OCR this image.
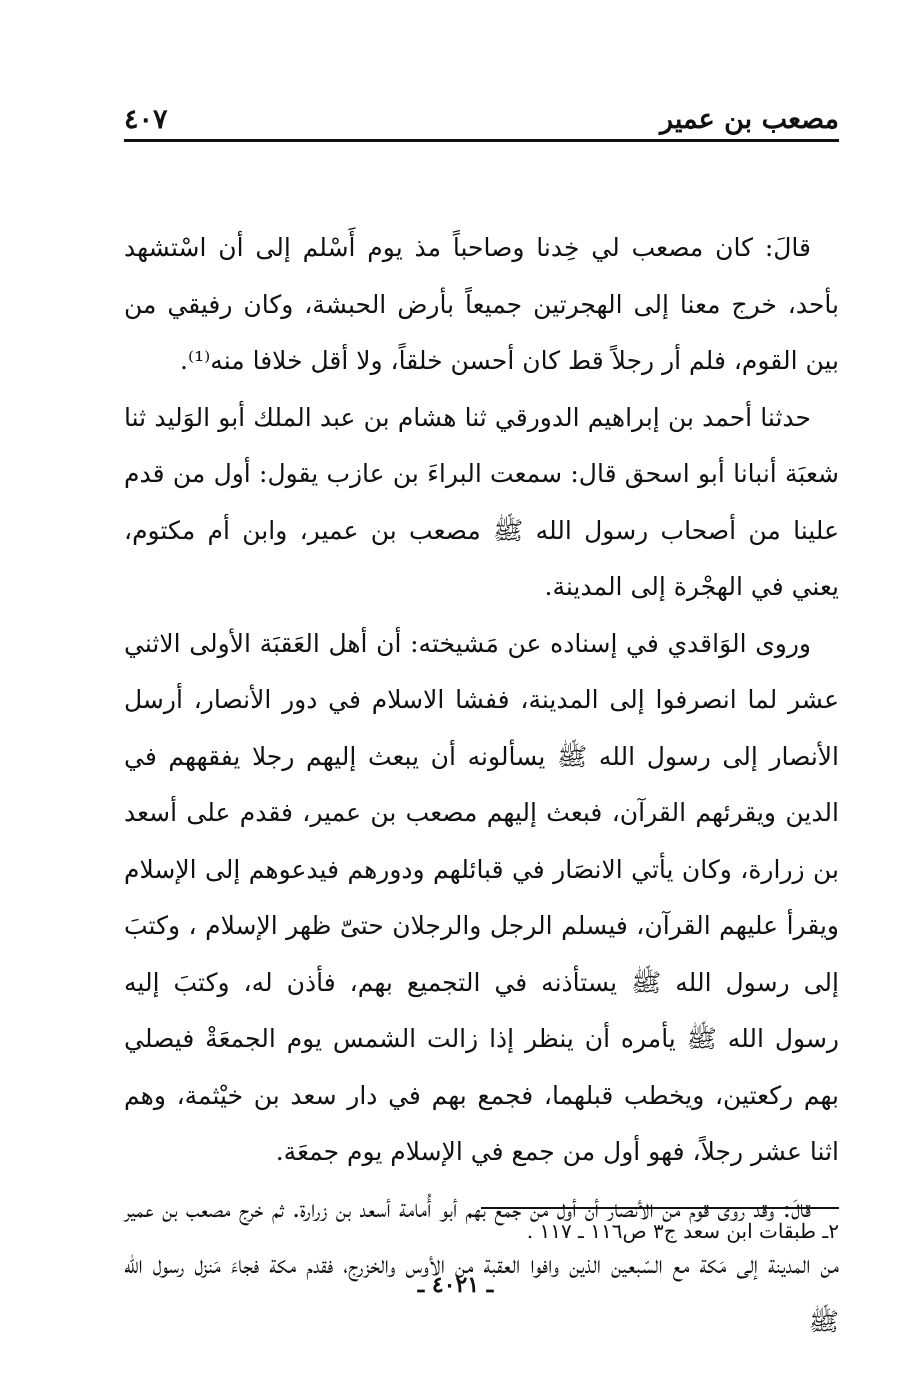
مصعب بن عمير
٤٠٧

قالَ: كان مصعب لي خِدنا وصاحباً مذ يوم أَسْلم إلى أن اسْتشهد بأحد، خرج معنا إلى الهجرتين جميعاً بأرض الحبشة، وكان رفيقي من بين القوم، فلم أر رجلاً قط كان أحسن خلقاً، ولا أقل خلافا منه⁽¹⁾.

حدثنا أحمد بن إبراهيم الدورقي ثنا هشام بن عبد الملك أبو الوَليد ثنا شعبَة أنبانا أبو اسحق قال: سمعت البراءَ بن عازب يقول: أول من قدم علينا من أصحاب رسول الله ﷺ مصعب بن عمير، وابن أم مكتوم، يعني في الهجْرة إلى المدينة.

وروى الوَاقدي في إسناده عن مَشيخته: أن أهل العَقبَة الأولى الاثني عشر لما انصرفوا إلى المدينة، ففشا الاسلام في دور الأنصار، أرسل الأنصار إلى رسول الله ﷺ يسألونه أن يبعث إليهم رجلا يفقههم في الدين ويقرئهم القرآن، فبعث إليهم مصعب بن عمير، فقدم على أسعد بن زرارة، وكان يأتي الانصَار في قبائلهم ودورهم فيدعوهم إلى الإسلام ويقرأ عليهم القرآن، فيسلم الرجل والرجلان حتىّ ظهر الإسلام ، وكتبَ إلى رسول الله ﷺ يستأذنه في التجميع بهم، فأذن له، وكتبَ إليه رسول الله ﷺ يأمره أن ينظر إذا زالت الشمس يوم الجمعَةْ فيصلي بهم ركعتين، ويخطب قبلهما، فجمع بهم في دار سعد بن خيْثمة، وهم اثنا عشر رجلاً، فهو أول من جمع في الإسلام يوم جمعَة.

قالَ: وقد روى قوم من الأنصار أن أول من جمع بهم أبو أُمامة أسعد بن زرارة. ثم خرج مصعب بن عمير من المدينة إلى مَكة مع السّبعين الذين وافوا العقبة من الأوس والخزرج، فقدم مكة فجاءَ مَنزل رسول الله ﷺ

٢ـ طبقات ابن سعد ج٣ ص١١٦ ـ ١١٧ .
ـ ٤٠٢١ ـ
